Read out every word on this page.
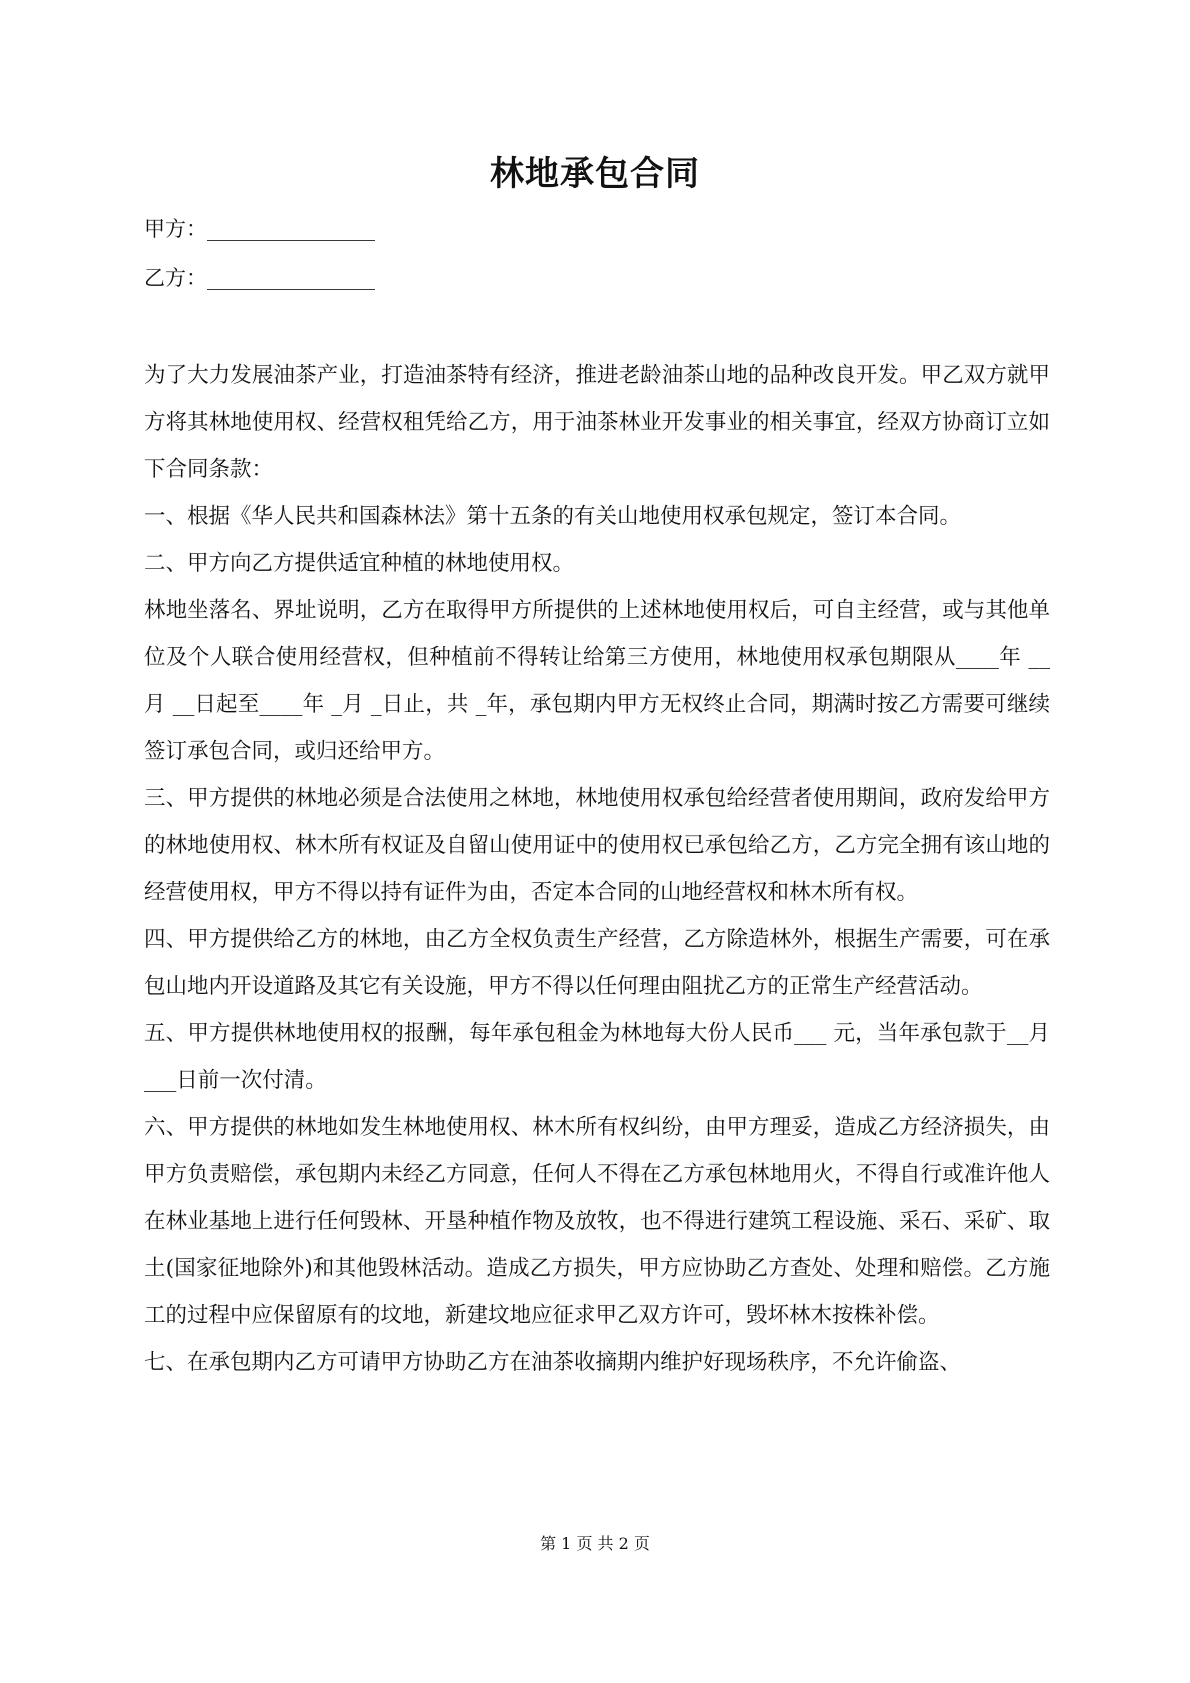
林地承包合同
甲方：________________
乙方：________________

为了大力发展油茶产业，打造油茶特有经济，推进老龄油茶山地的品种改良开发。甲乙双方就甲方将其林地使用权、经营权租凭给乙方，用于油茶林业开发事业的相关事宜，经双方协商订立如下合同条款：

一、根据《华人民共和国森林法》第十五条的有关山地使用权承包规定，签订本合同。

二、甲方向乙方提供适宜种植的林地使用权。

林地坐落名、界址说明，乙方在取得甲方所提供的上述林地使用权后，可自主经营，或与其他单位及个人联合使用经营权，但种植前不得转让给第三方使用，林地使用权承包期限从____年 __月 __日起至____年 _月 _日止，共 _年，承包期内甲方无权终止合同，期满时按乙方需要可继续签订承包合同，或归还给甲方。

三、甲方提供的林地必须是合法使用之林地，林地使用权承包给经营者使用期间，政府发给甲方的林地使用权、林木所有权证及自留山使用证中的使用权已承包给乙方，乙方完全拥有该山地的经营使用权，甲方不得以持有证件为由，否定本合同的山地经营权和林木所有权。

四、甲方提供给乙方的林地，由乙方全权负责生产经营，乙方除造林外，根据生产需要，可在承包山地内开设道路及其它有关设施，甲方不得以任何理由阻扰乙方的正常生产经营活动。

五、甲方提供林地使用权的报酬，每年承包租金为林地每大份人民币___ 元，当年承包款于__月___日前一次付清。

六、甲方提供的林地如发生林地使用权、林木所有权纠纷，由甲方理妥，造成乙方经济损失，由甲方负责赔偿，承包期内未经乙方同意，任何人不得在乙方承包林地用火，不得自行或准许他人在林业基地上进行任何毁林、开垦种植作物及放牧，也不得进行建筑工程设施、采石、采矿、取土(国家征地除外)和其他毁林活动。造成乙方损失，甲方应协助乙方查处、处理和赔偿。乙方施工的过程中应保留原有的坟地，新建坟地应征求甲乙双方许可，毁坏林木按株补偿。

七、在承包期内乙方可请甲方协助乙方在油茶收摘期内维护好现场秩序，不允许偷盗、

第 1 页 共 2 页
